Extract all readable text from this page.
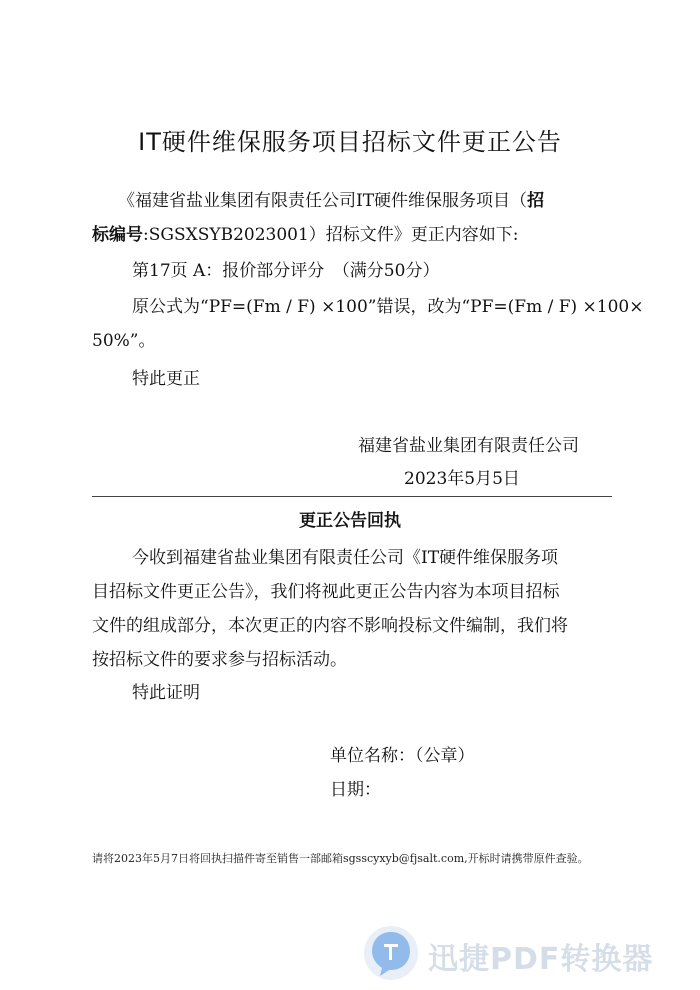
IT硬件维保服务项目招标文件更正公告
《福建省盐业集团有限责任公司IT硬件维保服务项目（招
标编号:SGSXSYB2023001）招标文件》更正内容如下:
第17页 A：报价部分评分　（满分50分）
原公式为“PF=(Fm / F) ×100”错误，改为“PF=(Fm / F) ×100×
50%”。
特此更正
福建省盐业集团有限责任公司
2023年5月5日
更正公告回执
今收到福建省盐业集团有限责任公司《IT硬件维保服务项
目招标文件更正公告》，我们将视此更正公告内容为本项目招标
文件的组成部分，本次更正的内容不影响投标文件编制，我们将
按招标文件的要求参与招标活动。
特此证明
单位名称：（公章）
日期：
请将2023年5月7日将回执扫描件寄至销售一部邮箱sgsscyxyb@fjsalt.com,开标时请携带原件查验。
迅捷PDF转换器
